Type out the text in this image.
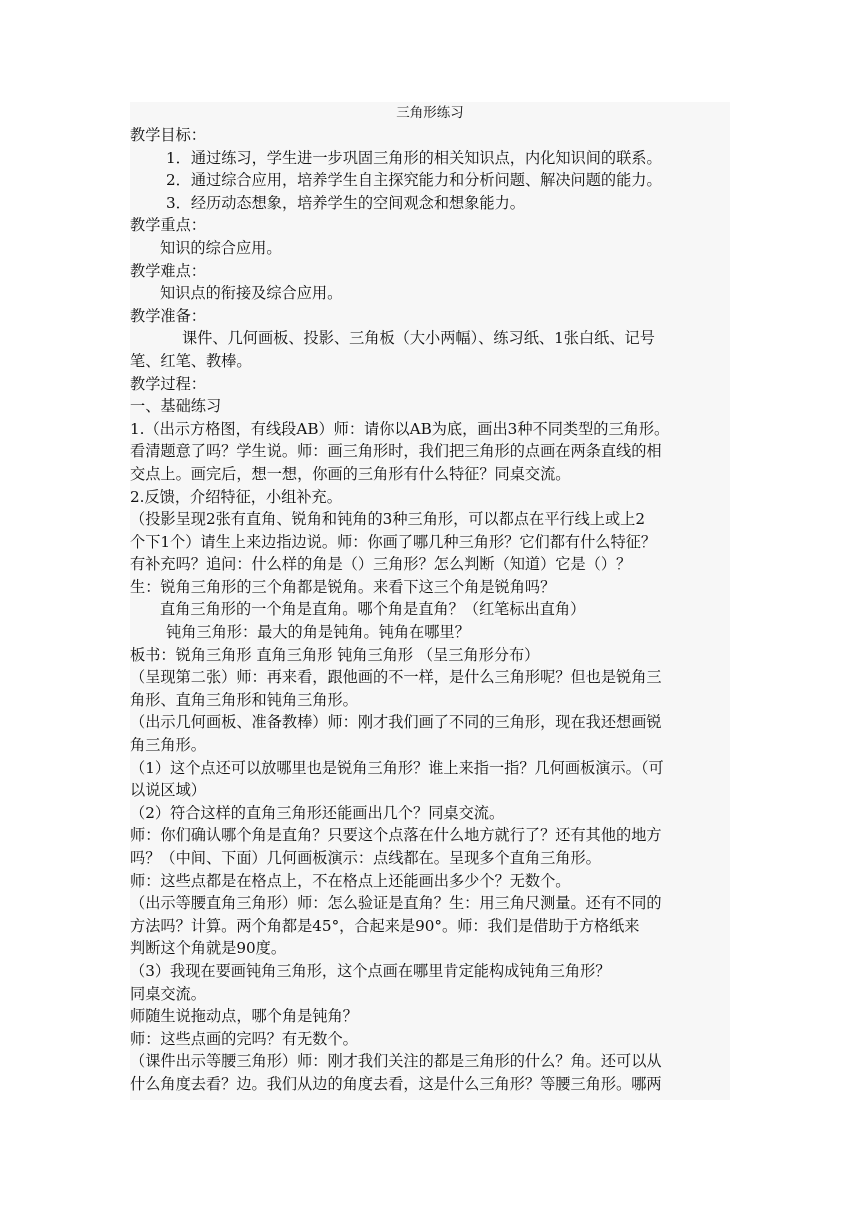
三角形练习
教学目标：
1．通过练习，学生进一步巩固三角形的相关知识点，内化知识间的联系。
2．通过综合应用，培养学生自主探究能力和分析问题、解决问题的能力。
3．经历动态想象，培养学生的空间观念和想象能力。
教学重点：
知识的综合应用。
教学难点：
知识点的衔接及综合应用。
教学准备：
课件、几何画板、投影、三角板（大小两幅）、练习纸、1张白纸、记号
笔、红笔、教棒。
教学过程：
一、基础练习
1.（出示方格图，有线段AB）师：请你以AB为底，画出3种不同类型的三角形。
看清题意了吗？学生说。师：画三角形时，我们把三角形的点画在两条直线的相
交点上。画完后，想一想，你画的三角形有什么特征？同桌交流。
2.反馈，介绍特征，小组补充。
（投影呈现2张有直角、锐角和钝角的3种三角形，可以都点在平行线上或上2
个下1个）请生上来边指边说。师：你画了哪几种三角形？它们都有什么特征？
有补充吗？追问：什么样的角是（）三角形？怎么判断（知道）它是（）？
生：锐角三角形的三个角都是锐角。来看下这三个角是锐角吗？
直角三角形的一个角是直角。哪个角是直角？（红笔标出直角）
钝角三角形：最大的角是钝角。钝角在哪里？
板书：锐角三角形 直角三角形 钝角三角形 （呈三角形分布）
（呈现第二张）师：再来看，跟他画的不一样，是什么三角形呢？但也是锐角三
角形、直角三角形和钝角三角形。
（出示几何画板、准备教棒）师：刚才我们画了不同的三角形，现在我还想画锐
角三角形。
（1）这个点还可以放哪里也是锐角三角形？谁上来指一指？几何画板演示。（可
以说区域）
（2）符合这样的直角三角形还能画出几个？同桌交流。
师：你们确认哪个角是直角？只要这个点落在什么地方就行了？还有其他的地方
吗？（中间、下面）几何画板演示：点线都在。呈现多个直角三角形。
师：这些点都是在格点上，不在格点上还能画出多少个？无数个。
（出示等腰直角三角形）师：怎么验证是直角？生：用三角尺测量。还有不同的
方法吗？计算。两个角都是45°，合起来是90°。师：我们是借助于方格纸来
判断这个角就是90度。
（3）我现在要画钝角三角形，这个点画在哪里肯定能构成钝角三角形？
同桌交流。
师随生说拖动点，哪个角是钝角？
师：这些点画的完吗？有无数个。
（课件出示等腰三角形）师：刚才我们关注的都是三角形的什么？角。还可以从
什么角度去看？边。我们从边的角度去看，这是什么三角形？等腰三角形。哪两
